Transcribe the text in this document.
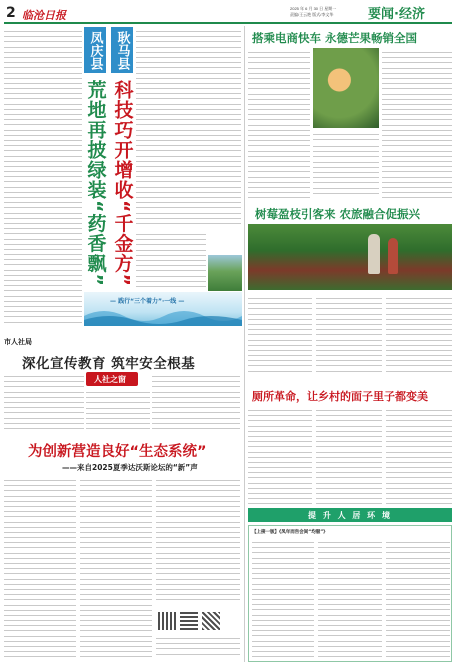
2 临沧日报
2025 年 6 月 30 日 星期一
责编/王云艳 版式/李文华	要闻·经济
凤庆县
荒地再披绿装“药香飘”
耿马县
科技巧开增收“千金方”
— 践行“三个着力”·一线 —
市人社局
深化宣传教育 筑牢安全根基
人社之窗
为创新营造良好“生态系统”
——来自2025夏季达沃斯论坛的“新”声
搭乘电商快车 永德芒果畅销全国
树莓盈枝引客来 农旅融合促振兴
厕所革命，让乡村的面子里子都变美
提 升 人 居 环 境
【上接一版】《凤年而告会间“均服”》
